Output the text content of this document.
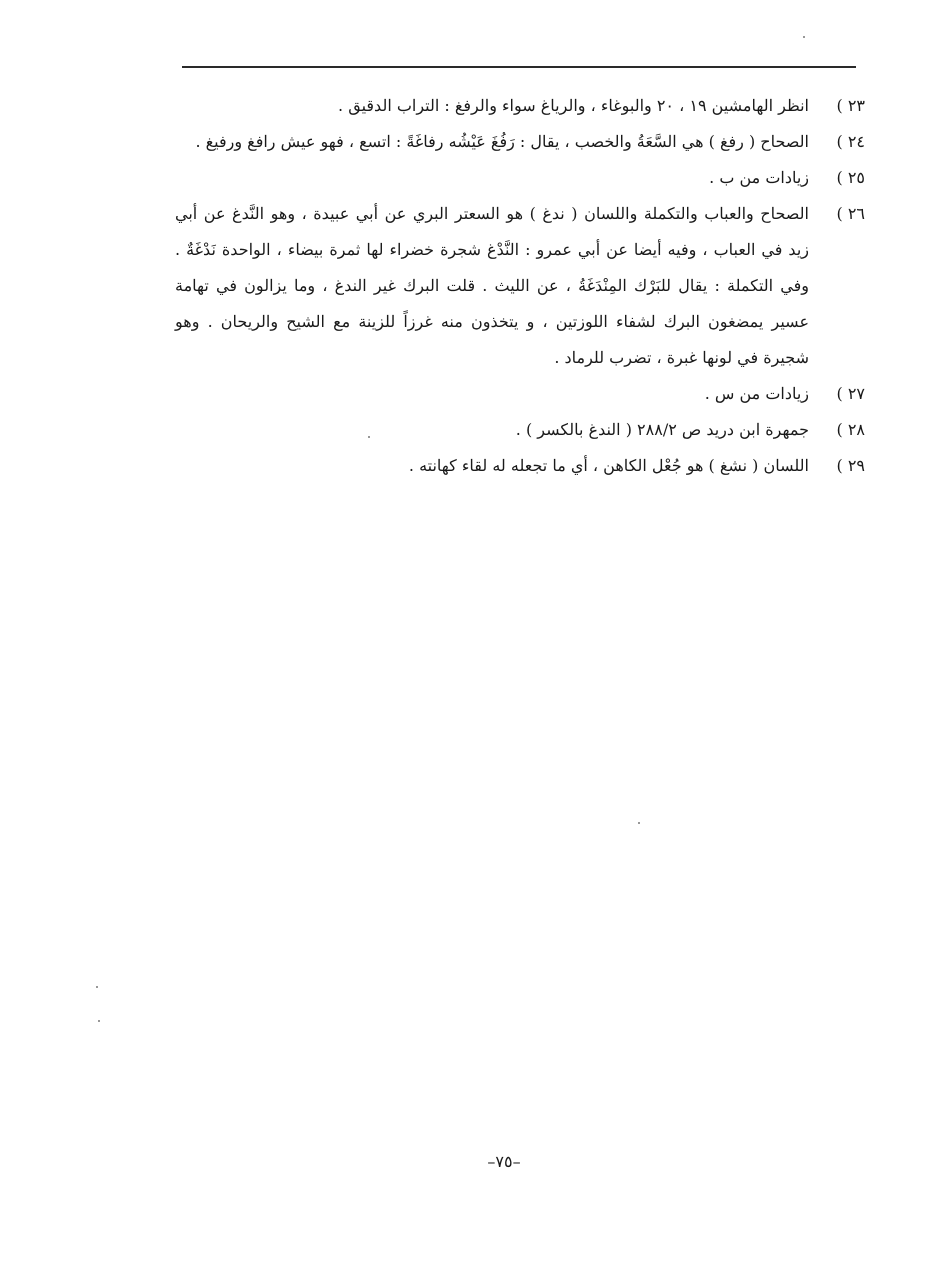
٢٣ )
انظر الهامشين ١٩ ، ٢٠ والبوغاء ، والرياغ سواء والرفغ : التراب الدقيق .
٢٤ )
الصحاح ( رفغ ) هي السَّعَةُ والخصب ، يقال : رَفُغَ عَيْشُه رفاغَةً : اتسع ، فهو عيش رافغ ورفيغ .
٢٥ )
زيادات من ب .
٢٦ )
الصحاح والعباب والتكملة واللسان ( ندغ ) هو السعتر البري عن أبي عبيدة ، وهو النَّدغ عن أبي زيد في العباب ، وفيه أيضا عن أبي عمرو : النَّدْغ شجرة خضراء لها ثمرة بيضاء ، الواحدة نَدْغَةٌ . وفي التكملة : يقال للبَرْك المِنْدَغَةُ ، عن الليث . قلت البرك غير الندغ ، وما يزالون في تهامة عسير يمضغون البرك لشفاء اللوزتين ، و يتخذون منه غرزاً للزينة مع الشيح والريحان . وهو شجيرة في لونها غبرة ، تضرب للرماد .
٢٧ )
زيادات من س .
٢٨ )
جمهرة ابن دريد ص ٢٨٨/٢ ( الندغ بالكسر ) .
٢٩ )
اللسان ( نشغ ) هو جُعْل الكاهن ، أي ما تجعله له لقاء كهانته .
–٧٥–
